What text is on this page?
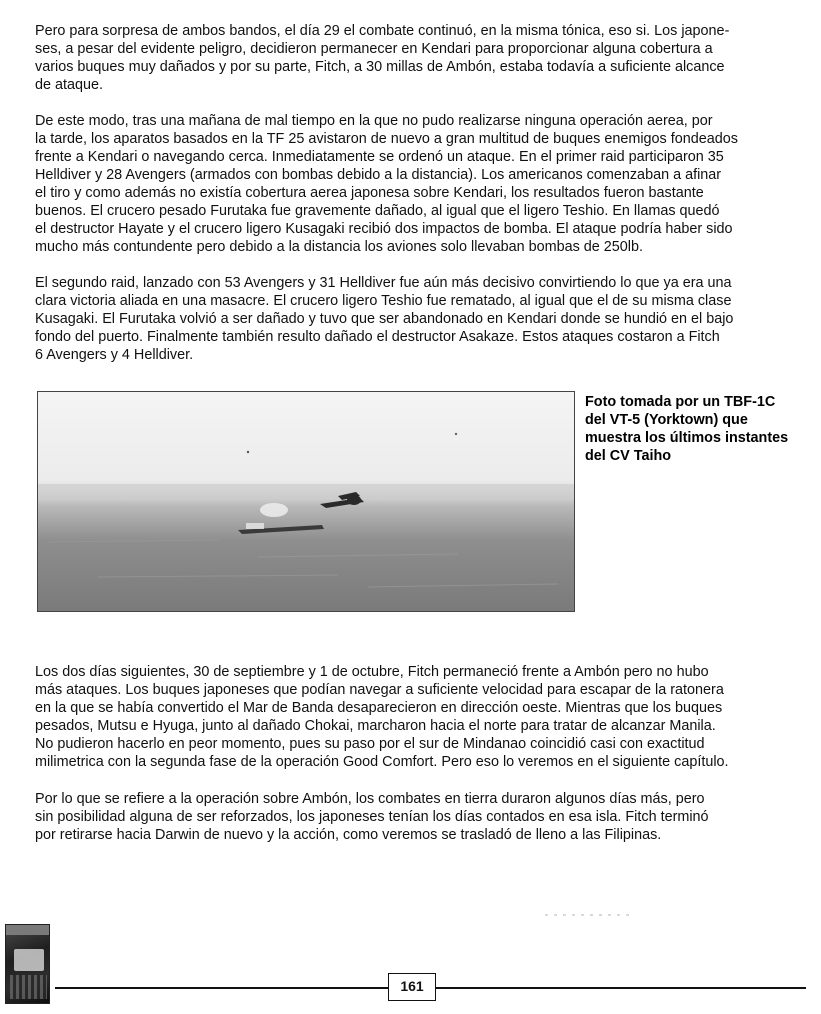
Pero para sorpresa de ambos bandos, el día 29 el combate continuó, en la misma tónica, eso si. Los japone-
ses, a pesar del evidente peligro, decidieron permanecer en Kendari para proporcionar alguna cobertura a
varios buques muy dañados y por su parte, Fitch, a 30 millas de Ambón, estaba todavía a suficiente alcance
de ataque.

De este modo, tras una mañana de mal tiempo en la que no pudo realizarse ninguna operación aerea, por
la tarde, los aparatos basados en la TF 25 avistaron de nuevo a gran multitud de buques enemigos fondeados
frente a Kendari o navegando cerca. Inmediatamente se ordenó un ataque. En el primer raid participaron 35
Helldiver y 28 Avengers (armados con bombas debido a la distancia). Los americanos comenzaban a afinar
el tiro y como además no existía cobertura aerea japonesa sobre Kendari, los resultados fueron bastante
buenos. El crucero pesado Furutaka fue gravemente dañado, al igual que el ligero Teshio. En llamas quedó
el destructor Hayate y el crucero ligero Kusagaki recibió dos impactos de bomba. El ataque podría haber sido
mucho más contundente pero debido a la distancia los aviones solo llevaban bombas de 250lb.

El segundo raid, lanzado con 53 Avengers y 31 Helldiver fue aún más decisivo convirtiendo lo que ya era una
clara victoria aliada en una masacre. El crucero ligero Teshio fue rematado, al igual que el de su misma clase
Kusagaki. El Furutaka volvió a ser dañado y tuvo que ser abandonado en Kendari donde se hundió en el bajo
fondo del puerto. Finalmente también resulto dañado el destructor Asakaze. Estos ataques costaron a Fitch
6 Avengers y 4 Helldiver.

Foto tomada por un TBF-1C
del VT-5 (Yorktown) que
muestra los últimos instantes
del CV Taiho

Los dos días siguientes, 30 de septiembre y 1 de octubre, Fitch permaneció frente a Ambón pero no hubo
más ataques. Los buques japoneses que podían navegar a suficiente velocidad para escapar de la ratonera
en la que se había convertido el Mar de Banda desaparecieron en dirección oeste. Mientras que los buques
pesados, Mutsu e Hyuga, junto al dañado Chokai, marcharon hacia el norte para tratar de alcanzar Manila.
No pudieron hacerlo en peor momento, pues su paso por el sur de Mindanao coincidió casi con exactitud
milimetrica con la segunda fase de la operación Good Comfort. Pero eso lo veremos en el siguiente capítulo.

Por lo que se refiere a la operación sobre Ambón, los combates en tierra duraron algunos días más, pero
sin posibilidad alguna de ser reforzados, los japoneses tenían los días contados en esa isla. Fitch terminó
por retirarse hacia Darwin de nuevo y la acción, como veremos se trasladó de lleno a las Filipinas.

161
